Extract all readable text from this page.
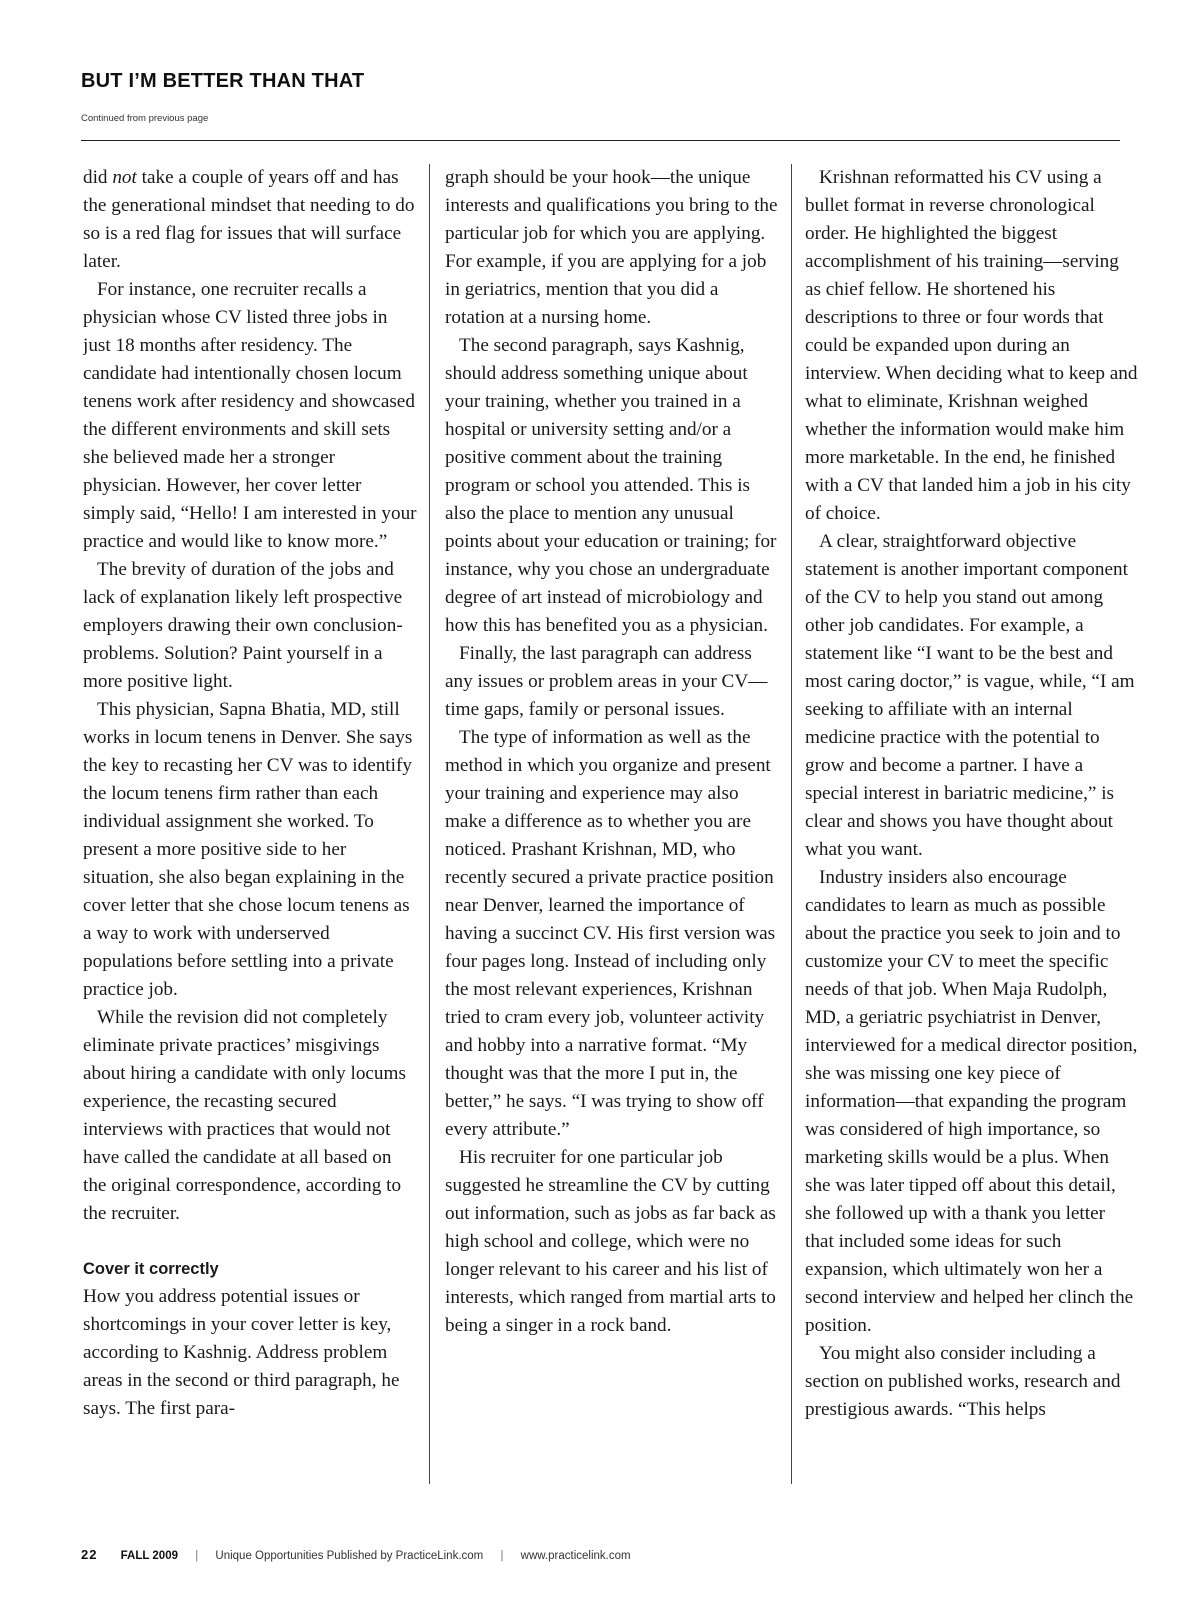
BUT I’M BETTER THAN THAT
Continued from previous page

did not take a couple of years off and has the generational mindset that needing to do so is a red flag for issues that will surface later.

For instance, one recruiter recalls a physician whose CV listed three jobs in just 18 months after residency. The candidate had intentionally chosen locum tenens work after residency and showcased the different environments and skill sets she believed made her a stronger physician. However, her cover letter simply said, “Hello! I am interested in your practice and would like to know more.”

The brevity of duration of the jobs and lack of explanation likely left prospective employers drawing their own conclusion-problems. Solution? Paint yourself in a more positive light.

This physician, Sapna Bhatia, MD, still works in locum tenens in Denver. She says the key to recasting her CV was to identify the locum tenens firm rather than each individual assignment she worked. To present a more positive side to her situation, she also began explaining in the cover letter that she chose locum tenens as a way to work with underserved populations before settling into a private practice job.

While the revision did not completely eliminate private practices’ misgivings about hiring a candidate with only locums experience, the recasting secured interviews with practices that would not have called the candidate at all based on the original correspondence, according to the recruiter.

Cover it correctly

How you address potential issues or shortcomings in your cover letter is key, according to Kashnig. Address problem areas in the second or third paragraph, he says. The first para-

graph should be your hook—the unique interests and qualifications you bring to the particular job for which you are applying. For example, if you are applying for a job in geriatrics, mention that you did a rotation at a nursing home.

The second paragraph, says Kashnig, should address something unique about your training, whether you trained in a hospital or university setting and/or a positive comment about the training program or school you attended. This is also the place to mention any unusual points about your education or training; for instance, why you chose an undergraduate degree of art instead of microbiology and how this has benefited you as a physician.

Finally, the last paragraph can address any issues or problem areas in your CV—time gaps, family or personal issues.

The type of information as well as the method in which you organize and present your training and experience may also make a difference as to whether you are noticed. Prashant Krishnan, MD, who recently secured a private practice position near Denver, learned the importance of having a succinct CV. His first version was four pages long. Instead of including only the most relevant experiences, Krishnan tried to cram every job, volunteer activity and hobby into a narrative format. “My thought was that the more I put in, the better,” he says. “I was trying to show off every attribute.”

His recruiter for one particular job suggested he streamline the CV by cutting out information, such as jobs as far back as high school and college, which were no longer relevant to his career and his list of interests, which ranged from martial arts to being a singer in a rock band.

Krishnan reformatted his CV using a bullet format in reverse chronological order. He highlighted the biggest accomplishment of his training—serving as chief fellow. He shortened his descriptions to three or four words that could be expanded upon during an interview. When deciding what to keep and what to eliminate, Krishnan weighed whether the information would make him more marketable. In the end, he finished with a CV that landed him a job in his city of choice.

A clear, straightforward objective statement is another important component of the CV to help you stand out among other job candidates. For example, a statement like “I want to be the best and most caring doctor,” is vague, while, “I am seeking to affiliate with an internal medicine practice with the potential to grow and become a partner. I have a special interest in bariatric medicine,” is clear and shows you have thought about what you want.

Industry insiders also encourage candidates to learn as much as possible about the practice you seek to join and to customize your CV to meet the specific needs of that job. When Maja Rudolph, MD, a geriatric psychiatrist in Denver, interviewed for a medical director position, she was missing one key piece of information—that expanding the program was considered of high importance, so marketing skills would be a plus. When she was later tipped off about this detail, she followed up with a thank you letter that included some ideas for such expansion, which ultimately won her a second interview and helped her clinch the position.

You might also consider including a section on published works, research and prestigious awards. “This helps

22 FALL 2009 | Unique Opportunities Published by PracticeLink.com | www.practicelink.com
